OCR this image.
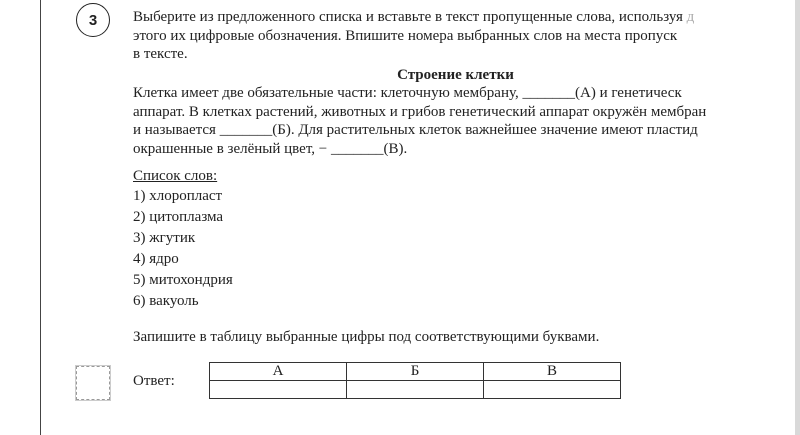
3 Выберите из предложенного списка и вставьте в текст пропущенные слова, используя д
этого их цифровые обозначения. Впишите номера выбранных слов на места пропуск
в тексте.
Строение клетки
Клетка имеет две обязательные части: клеточную мембрану, _______(А) и генетическ
аппарат. В клетках растений, животных и грибов генетический аппарат окружён мембран
и называется _______(Б). Для растительных клеток важнейшее значение имеют пластид
окрашенные в зелёный цвет, − _______(В).
Список слов:
1) хлоропласт
2) цитоплазма
3) жгутик
4) ядро
5) митохондрия
6) вакуоль
Запишите в таблицу выбранные цифры под соответствующими буквами.
Ответ:
А	Б	В
